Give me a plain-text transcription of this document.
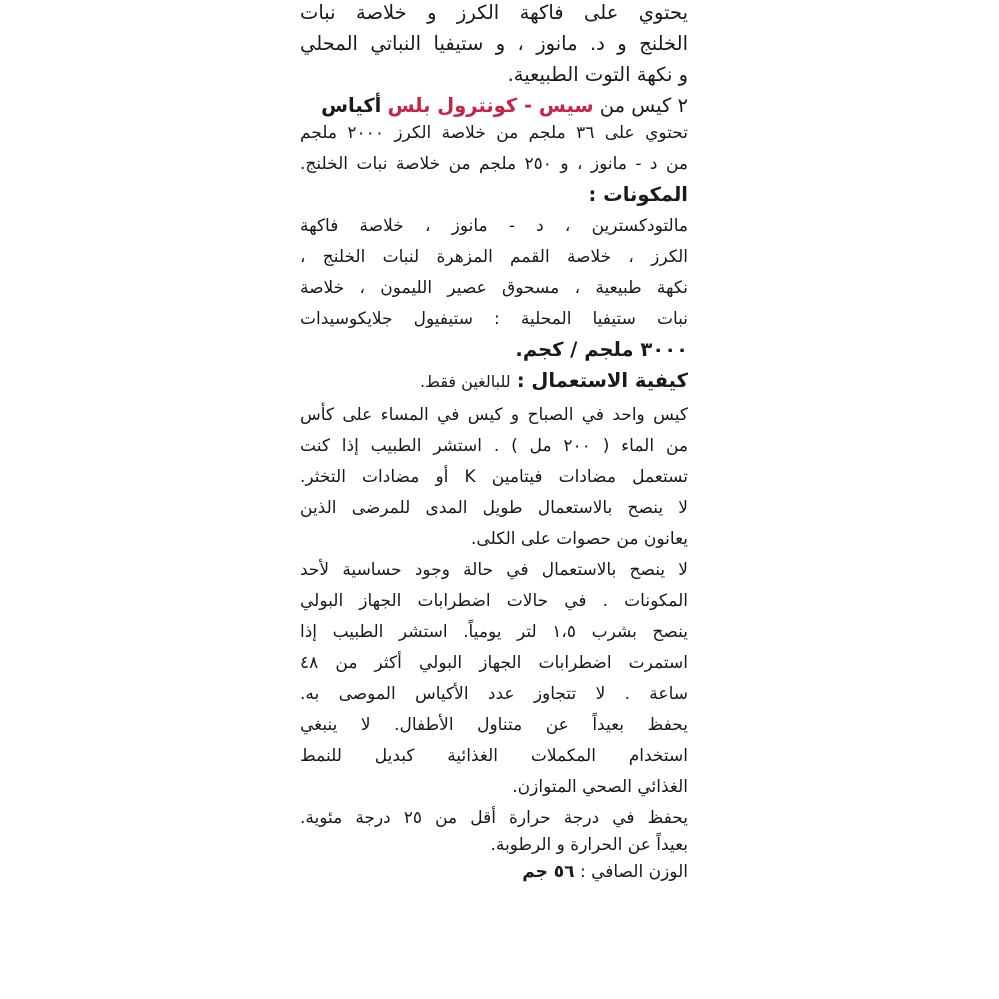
يحتوي على فاكهة الكرز و خلاصة نبات
الخلنج و د. مانوز ، و ستيفيا النباتي المحلي
و نكهة التوت الطبيعية.
٢ كيس من سيس - كونترول بلس أكياس
تحتوي على ٣٦ ملجم من خلاصة الكرز ٢٠٠٠ ملجم
من د - مانوز ، و ٢٥٠ ملجم من خلاصة نبات الخلنج.
المكونات :
مالتودكسترين ، د - مانوز ، خلاصة فاكهة
الكرز ، خلاصة القمم المزهرة لنبات الخلنج ،
نكهة طبيعية ، مسحوق عصير الليمون ، خلاصة
نبات ستيفيا المحلية : ستيفيول جلايكوسيدات
٣٠٠٠ ملجم / كجم.
كيفية الاستعمال : للبالغين فقط.
كيس واحد في الصباح و كيس في المساء على كأس
من الماء ( ٢٠٠ مل ) . استشر الطبيب إذا كنت
تستعمل مضادات فيتامين K أو مضادات التخثر.
لا ينصح بالاستعمال طويل المدى للمرضى الذين
يعانون من حصوات على الكلى.
لا ينصح بالاستعمال في حالة وجود حساسية لأحد
المكونات . في حالات اضطرابات الجهاز البولي
ينصح بشرب ١،٥ لتر يومياً. استشر الطبيب إذا
استمرت اضطرابات الجهاز البولي أكثر من ٤٨
ساعة . لا تتجاوز عدد الأكياس الموصى به.
يحفظ بعيداً عن متناول الأطفال. لا ينبغي
استخدام المكملات الغذائية كبديل للنمط
الغذائي الصحي المتوازن.
يحفظ في درجة حرارة أقل من ٢٥ درجة مئوية.
بعيداً عن الحرارة و الرطوبة.
الوزن الصافي : ٥٦ جم
